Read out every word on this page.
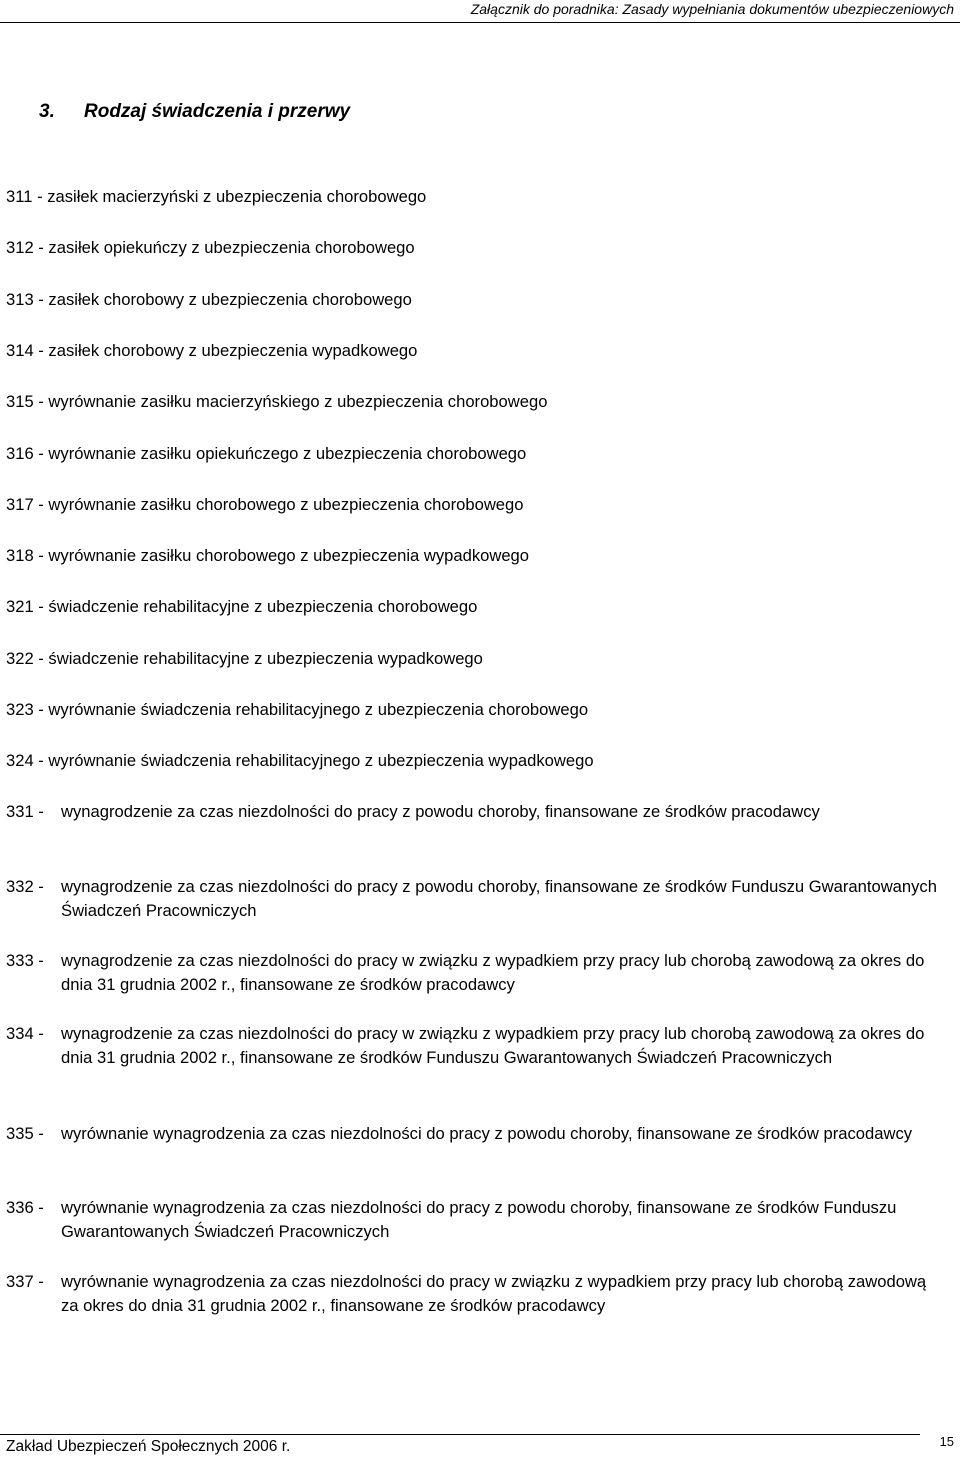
Załącznik do poradnika: Zasady wypełniania dokumentów ubezpieczeniowych
3. Rodzaj świadczenia i przerwy
311 - zasiłek macierzyński z ubezpieczenia chorobowego
312 - zasiłek opiekuńczy z ubezpieczenia chorobowego
313 - zasiłek chorobowy z ubezpieczenia chorobowego
314 - zasiłek chorobowy z ubezpieczenia wypadkowego
315 - wyrównanie zasiłku macierzyńskiego z ubezpieczenia chorobowego
316 - wyrównanie zasiłku opiekuńczego z ubezpieczenia chorobowego
317 - wyrównanie zasiłku chorobowego z ubezpieczenia chorobowego
318 - wyrównanie zasiłku chorobowego z ubezpieczenia wypadkowego
321 - świadczenie rehabilitacyjne z ubezpieczenia chorobowego
322 - świadczenie rehabilitacyjne z ubezpieczenia wypadkowego
323 - wyrównanie świadczenia rehabilitacyjnego z ubezpieczenia chorobowego
324 - wyrównanie świadczenia rehabilitacyjnego z ubezpieczenia wypadkowego
331 -	wynagrodzenie za czas niezdolności do pracy z powodu choroby, finansowane ze środków pracodawcy
332 -	wynagrodzenie za czas niezdolności do pracy z powodu choroby, finansowane ze środków Funduszu Gwarantowanych Świadczeń Pracowniczych
333 -	wynagrodzenie za czas niezdolności do pracy w związku z wypadkiem przy pracy lub chorobą zawodową za okres do dnia 31 grudnia 2002 r., finansowane ze środków pracodawcy
334 -	wynagrodzenie za czas niezdolności do pracy w związku z wypadkiem przy pracy lub chorobą zawodową za okres do dnia 31 grudnia 2002 r., finansowane ze środków Funduszu Gwarantowanych Świadczeń Pracowniczych
335 -	wyrównanie wynagrodzenia za czas niezdolności do pracy z powodu choroby, finansowane ze środków pracodawcy
336 -	wyrównanie wynagrodzenia za czas niezdolności do pracy z powodu choroby, finansowane ze środków Funduszu Gwarantowanych Świadczeń Pracowniczych
337 -	wyrównanie wynagrodzenia za czas niezdolności do pracy w związku z wypadkiem przy pracy lub chorobą zawodową za okres do dnia 31 grudnia 2002 r., finansowane ze środków pracodawcy
Zakład Ubezpieczeń Społecznych 2006 r.	15
